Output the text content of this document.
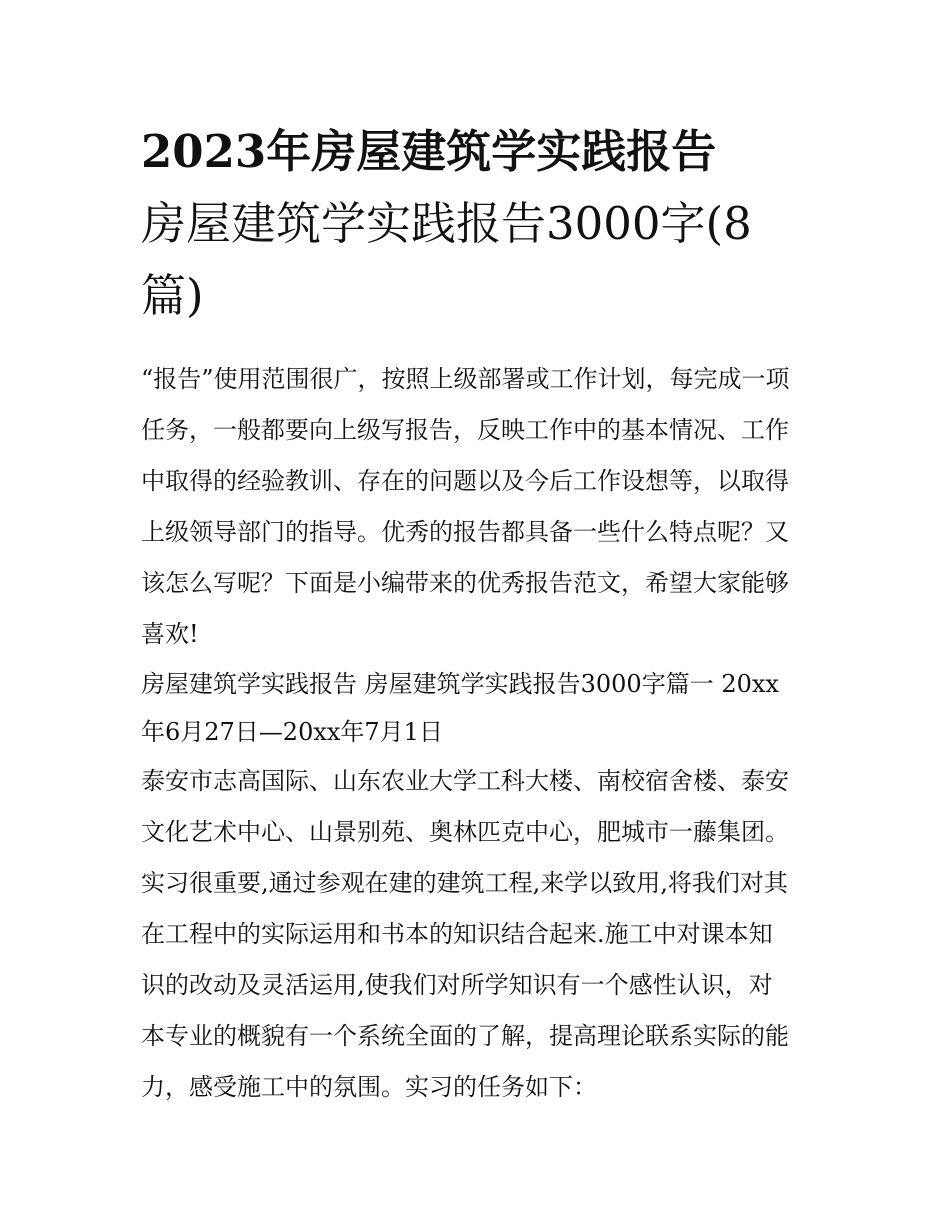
2023年房屋建筑学实践报告
房屋建筑学实践报告3000字(8
篇)
“报告”使用范围很广，按照上级部署或工作计划，每完成一项
任务，一般都要向上级写报告，反映工作中的基本情况、工作
中取得的经验教训、存在的问题以及今后工作设想等，以取得
上级领导部门的指导。优秀的报告都具备一些什么特点呢？又
该怎么写呢？下面是小编带来的优秀报告范文，希望大家能够
喜欢!
房屋建筑学实践报告 房屋建筑学实践报告3000字篇一 20xx
年6月27日—20xx年7月1日
泰安市志高国际、山东农业大学工科大楼、南校宿舍楼、泰安
文化艺术中心、山景别苑、奥林匹克中心，肥城市一藤集团。
实习很重要,通过参观在建的建筑工程,来学以致用,将我们对其
在工程中的实际运用和书本的知识结合起来.施工中对课本知
识的改动及灵活运用,使我们对所学知识有一个感性认识，对
本专业的概貌有一个系统全面的了解，提高理论联系实际的能
力，感受施工中的氛围。实习的任务如下：
